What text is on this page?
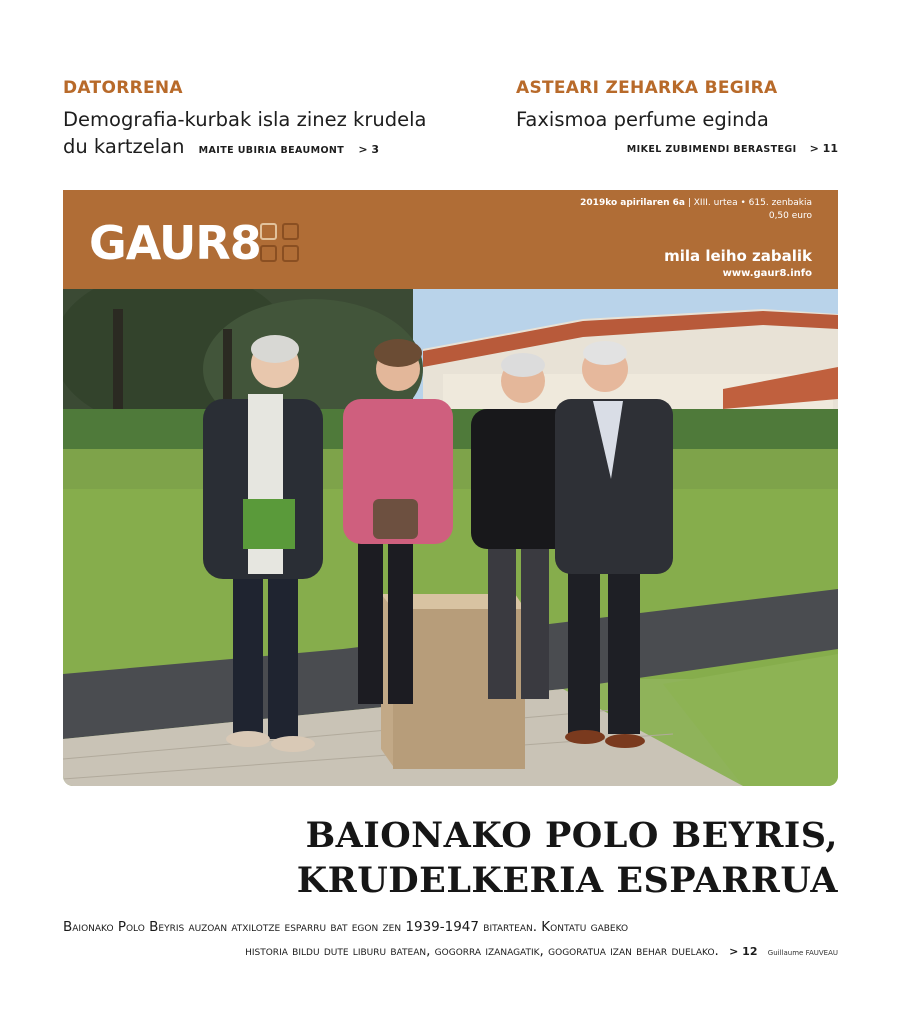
DATORRENA
Demografia-kurbak isla zinez krudela
du kartzelan MAITE UBIRIA BEAUMONT > 3
ASTEARI ZEHARKA BEGIRA
Faxismoa perfume eginda
MIKEL ZUBIMENDI BERASTEGI > 11
GAUR8
2019ko apirilaren 6a | XIII. urtea • 615. zenbakia
0,50 euro
mila leiho zabalik
www.gaur8.info
BAIONAKO POLO BEYRIS,
KRUDELKERIA ESPARRUA
Baionako Polo Beyris auzoan atxilotze esparru bat egon zen 1939-1947 bitartean. Kontatu gabeko
historia bildu dute liburu batean, gogorra izanagatik, gogoratua izan behar duelako. > 12 Guillaume FAUVEAU
